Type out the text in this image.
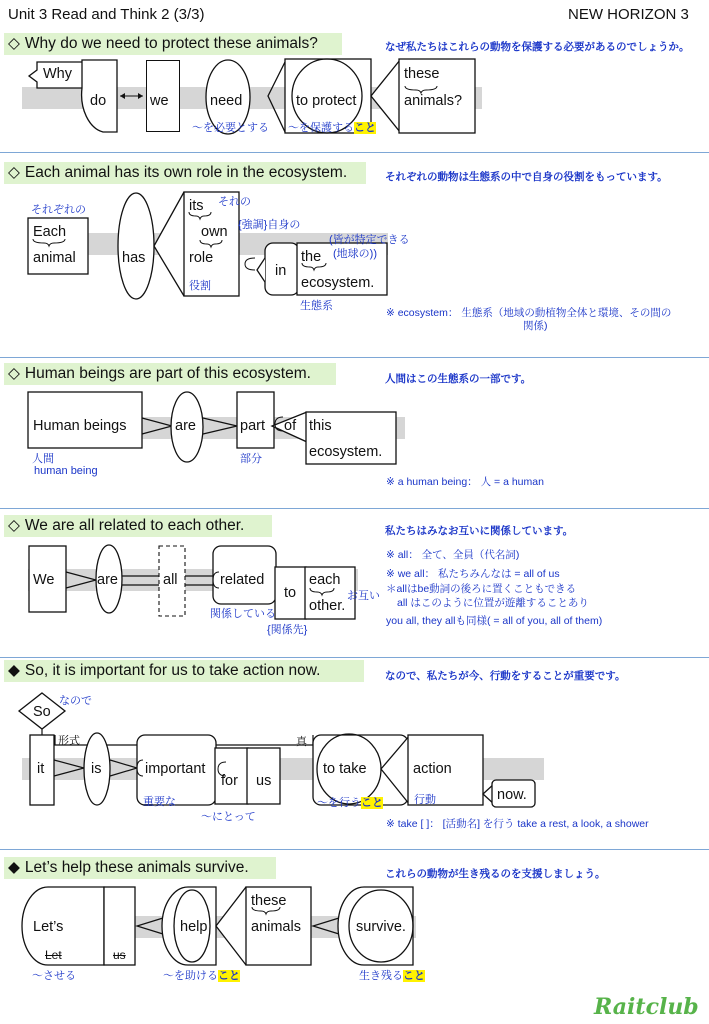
Unit 3 Read and Think 2 (3/3)	NEW HORIZON 3
◇ Why do we need to protect these animals?	なぜ私たちはこれらの動物を保護する必要があるのでしょうか。
Why
do	we	need	to protect
these
animals?
～を必要とする ～を保護すること
◇ Each animal has its own role in the ecosystem.	それぞれの動物は生態系の中で自身の役割をもっています。
Each
animal	has
its
own
role
in
the
ecosystem.
それぞれの
それの
{強調}自身の
役割
(皆が特定できる
(地球の))
生態系
※ ecosystem： 生態系（地域の動植物全体と環境、その間の
関係)
◇ Human beings are part of this ecosystem.	人間はこの生態系の一部です。
Human beings	are	part of this
ecosystem.
人間
human being
部分
※ a human being： 人 = a human
◇ We are all related to each other.	私たちはみなお互いに関係しています。
We	are	all	related
to
each
other.
関係している
{関係先}
お互い
※ all： 全て、全員（代名詞)
※ we all： 私たちみんなは = all of us
＊allはbe動詞の後ろに置くこともできる
all はこのように位置が遊離することあり
you all, they allも同様( = all of you, all of them)
◆ So, it is important for us to take action now.	なので、私たちが今、行動をすることが重要です。
So
it	is	important
for us
to take	action
now.
なので
形式	真
重要な
～にとって
～を行うこと	行動
※ take [ ]： [活動名] を行う take a rest, a look, a shower
◆ Let’s help these animals survive.	これらの動物が生き残るのを支援しましょう。
Let’s
Let	us
help
these
animals	survive.
～させる	～を助けること	生き残ること
Raitclub
